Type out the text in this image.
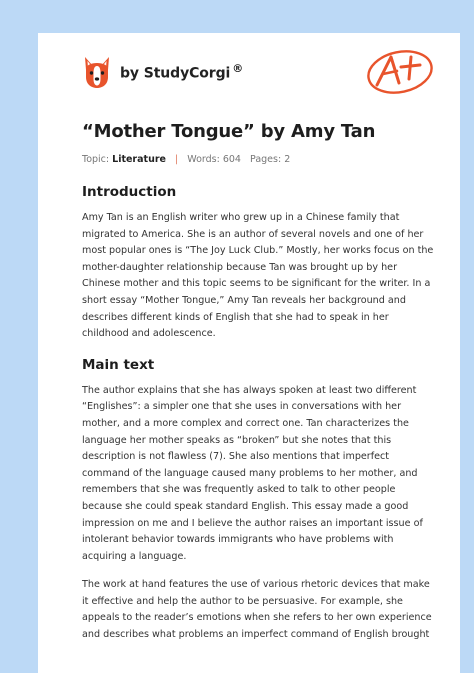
by StudyCorgi ®
“Mother Tongue” by Amy Tan
Topic: Literature | Words: 604 Pages: 2
Introduction

Amy Tan is an English writer who grew up in a Chinese family that migrated to America. She is an author of several novels and one of her most popular ones is “The Joy Luck Club.” Mostly, her works focus on the mother-daughter relationship because Tan was brought up by her Chinese mother and this topic seems to be significant for the writer. In a short essay “Mother Tongue,” Amy Tan reveals her background and describes different kinds of English that she had to speak in her childhood and adolescence.

Main text

The author explains that she has always spoken at least two different “Englishes”: a simpler one that she uses in conversations with her mother, and a more complex and correct one. Tan characterizes the language her mother speaks as “broken” but she notes that this description is not flawless (7). She also mentions that imperfect command of the language caused many problems to her mother, and remembers that she was frequently asked to talk to other people because she could speak standard English. This essay made a good impression on me and I believe the author raises an important issue of intolerant behavior towards immigrants who have problems with acquiring a language.

The work at hand features the use of various rhetoric devices that make it effective and help the author to be persuasive. For example, she appeals to the reader’s emotions when she refers to her own experience and describes what problems an imperfect command of English brought
